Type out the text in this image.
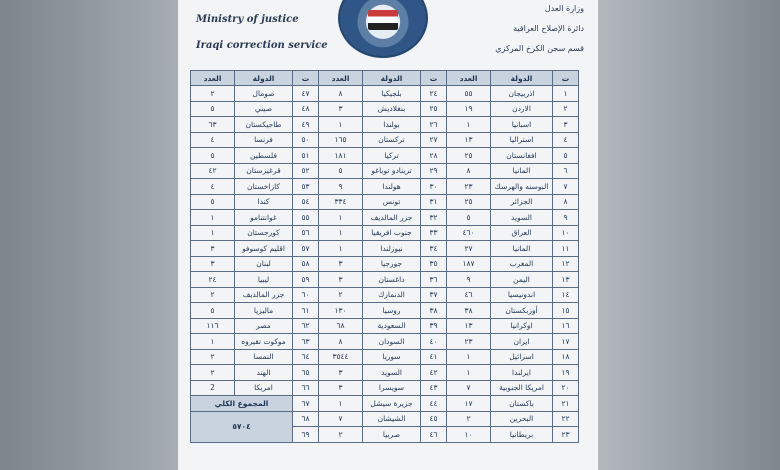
Ministry of justice
Iraqi correction service
وزارة العدل
دائرة الإصلاح العراقية
قسم سجن الكرخ المركزي
العدد	الدولة	ت	العدد	الدولة	ت	العدد	الدولة	ت
٢	صومال	٤٧	٨	بلجيكيا	٢٤	٥٥	اذربيجان	١
٥	صيني	٤٨	٣	بنغلاديش	٢٥	١٩	الاردن	٢
٦٣	طاجيكستان	٤٩	١	بولندا	٢٦	١	اسبانيا	٣
٤	فرنسا	٥٠	١٦٥	تركستان	٢٧	١٣	استراليا	٤
٥	فلسطين	٥١	١٨١	تركيا	٢٨	٢٥	افغانستان	٥
٤٢	قرغيزستان	٥٢	٥	ترينادو توباغو	٢٩	٨	المانيا	٦
٤	كازاخستان	٥٣	٩	هولندا	٣٠	٢٣	البوسنه والهرسك	٧
٥	كندا	٥٤	٣٣٤	تونس	٣١	٢٥	الجزائر	٨
١	غوانتنامو	٥٥	١	جزر المالديف	٣٢	٥	السويد	٩
١	كورجستان	٥٦	١	جنوب افريقيا	٣٣	٤٦٠	العراق	١٠
٣	اقليم كوسوفو	٥٧	١	نيوزلندا	٣٤	٢٧	المانيا	١١
٣	لبنان	٥٨	٣	جورجيا	٣٥	١٨٧	المغرب	١٢
٢٤	ليبيا	٥٩	٣	داغستان	٣٦	٩	اليمن	١٣
٢	جزر المالديف	٦٠	٢	الدنمارك	٣٧	٤٦	اندونيسيا	١٤
٥	ماليزيا	٦١	١٣٠	روسيا	٣٨	٣٨	أوزبكستان	١٥
١١٦	مصر	٦٢	٦٨	السعودية	٣٩	١٣	اوكرانيا	١٦
١	موكوت تقيروه	٦٣	٨	السودان	٤٠	٢٣	ايران	١٧
٢	النمسا	٦٤	٣٥٤٤	سوريا	٤١	١	اسرائيل	١٨
٢	الهند	٦٥	٣	السويد	٤٢	١	ايرلندا	١٩
2	امريكا	٦٦	٣	سويسرا	٤٣	٧	امريكا الجنوبية	٢٠
المجموع الكلي		٦٧	١	جزيرة سيشل	٤٤	١٧	باكستان	٢١
٥٧٠٤		٦٨	٧	الشيشان	٤٥	٢	البحرين	٢٢
		٦٩	٢	صربيا	٤٦	١٠	بريطانيا	٢٣
